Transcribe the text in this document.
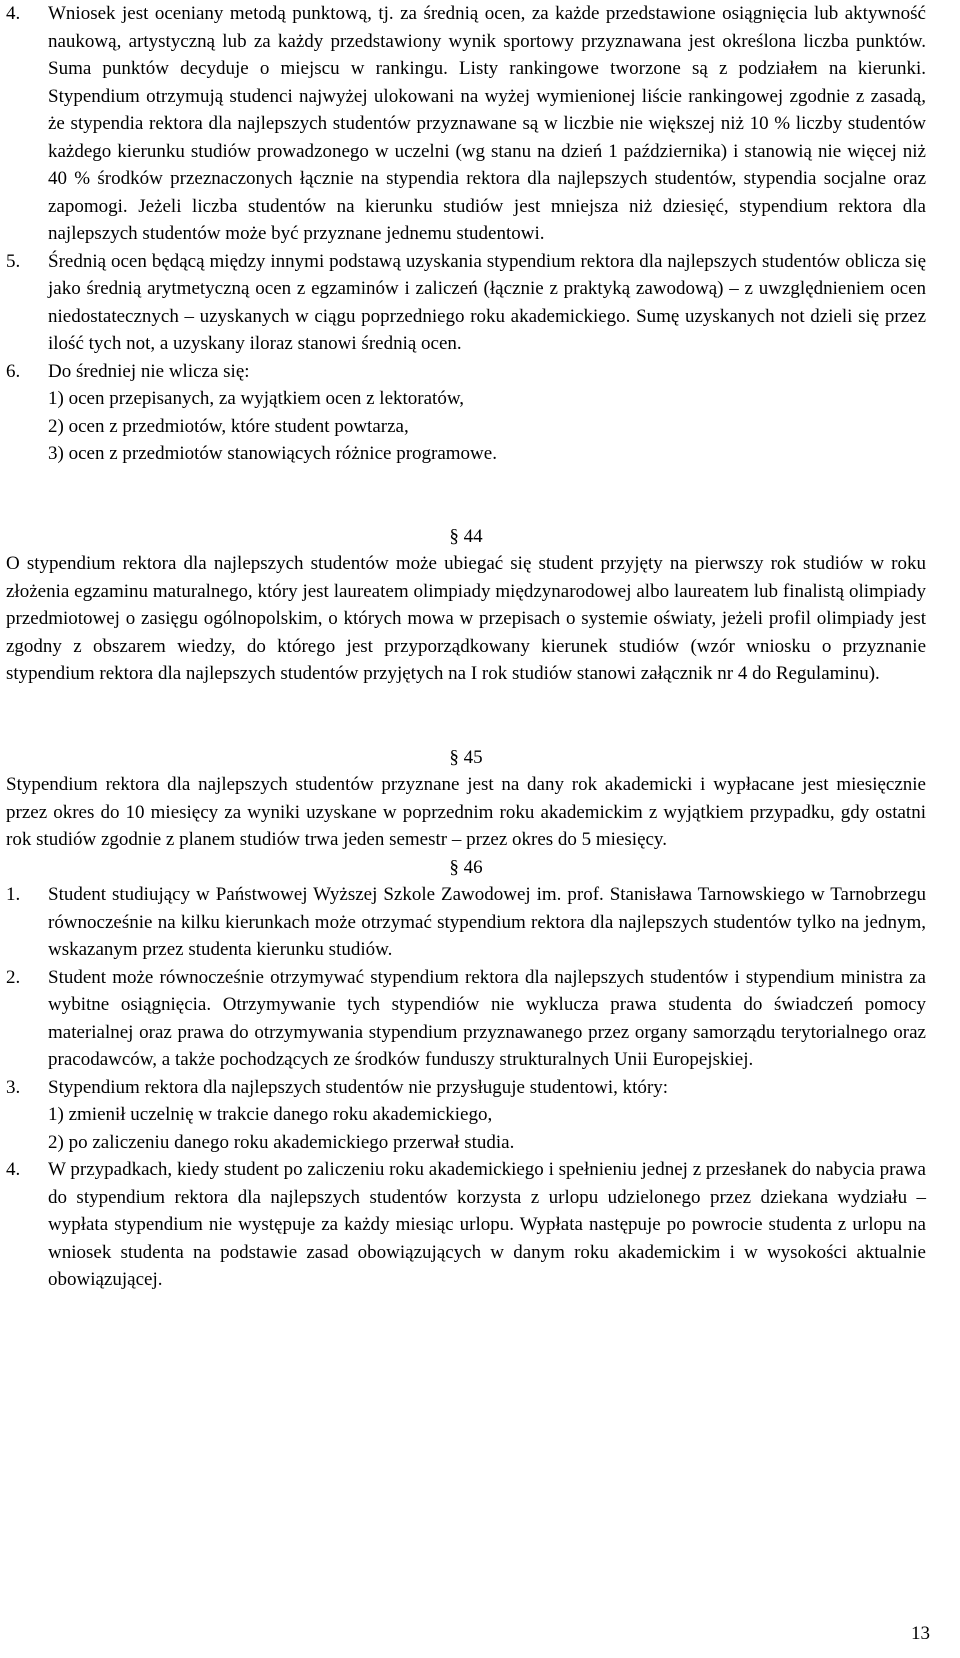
4.	Wniosek jest oceniany metodą punktową, tj. za średnią ocen, za każde przedstawione osiągnięcia lub aktywność naukową, artystyczną lub za każdy przedstawiony wynik sportowy przyznawana jest określona liczba punktów. Suma punktów decyduje o miejscu w rankingu. Listy rankingowe tworzone są z podziałem na kierunki. Stypendium otrzymują studenci najwyżej ulokowani na wyżej wymienionej liście rankingowej zgodnie z zasadą, że stypendia rektora dla najlepszych studentów przyznawane są w liczbie nie większej niż 10 % liczby studentów każdego kierunku studiów prowadzonego w uczelni (wg stanu na dzień 1 października) i stanowią nie więcej niż 40 % środków przeznaczonych łącznie na stypendia rektora dla najlepszych studentów, stypendia socjalne oraz zapomogi. Jeżeli liczba studentów na kierunku studiów jest mniejsza niż dziesięć, stypendium rektora dla najlepszych studentów może być przyznane jednemu studentowi.
5.	Średnią ocen będącą między innymi podstawą uzyskania stypendium rektora dla najlepszych studentów oblicza się jako średnią arytmetyczną ocen z egzaminów i zaliczeń (łącznie z praktyką zawodową) – z uwzględnieniem ocen niedostatecznych – uzyskanych w ciągu poprzedniego roku akademickiego. Sumę uzyskanych not dzieli się przez ilość tych not, a uzyskany iloraz stanowi średnią ocen.
6.	Do średniej nie wlicza się:
1) ocen przepisanych, za wyjątkiem ocen z lektoratów,
2) ocen z przedmiotów, które student powtarza,
3) ocen z przedmiotów stanowiących różnice programowe.
§ 44
O stypendium rektora dla najlepszych studentów może ubiegać się student przyjęty na pierwszy rok studiów w roku złożenia egzaminu maturalnego, który jest laureatem olimpiady międzynarodowej albo laureatem lub finalistą olimpiady przedmiotowej o zasięgu ogólnopolskim, o których mowa w przepisach o systemie oświaty, jeżeli profil olimpiady jest zgodny z obszarem wiedzy, do którego jest przyporządkowany kierunek studiów (wzór wniosku o przyznanie stypendium rektora dla najlepszych studentów przyjętych na I rok studiów stanowi załącznik nr 4 do Regulaminu).
§ 45
Stypendium rektora dla najlepszych studentów przyznane jest na dany rok akademicki i wypłacane jest miesięcznie przez okres do 10 miesięcy za wyniki uzyskane w poprzednim roku akademickim z wyjątkiem przypadku, gdy ostatni rok studiów zgodnie z planem studiów trwa jeden semestr – przez okres do 5 miesięcy.
§ 46
1.	Student studiujący w Państwowej Wyższej Szkole Zawodowej im. prof. Stanisława Tarnowskiego w Tarnobrzegu równocześnie na kilku kierunkach może otrzymać stypendium rektora dla najlepszych studentów tylko na jednym, wskazanym przez studenta kierunku studiów.
2.	Student może równocześnie otrzymywać stypendium rektora dla najlepszych studentów i stypendium ministra za wybitne osiągnięcia. Otrzymywanie tych stypendiów nie wyklucza prawa studenta do świadczeń pomocy materialnej oraz prawa do otrzymywania stypendium przyznawanego przez organy samorządu terytorialnego oraz pracodawców, a także pochodzących ze środków funduszy strukturalnych Unii Europejskiej.
3.	Stypendium rektora dla najlepszych studentów nie przysługuje studentowi, który:
1) zmienił uczelnię w trakcie danego roku akademickiego,
2) po zaliczeniu danego roku akademickiego przerwał studia.
4.	W przypadkach, kiedy student po zaliczeniu roku akademickiego i spełnieniu jednej z przesłanek do nabycia prawa do stypendium rektora dla najlepszych studentów korzysta z urlopu udzielonego przez dziekana wydziału – wypłata stypendium nie występuje za każdy miesiąc urlopu. Wypłata następuje po powrocie studenta z urlopu na wniosek studenta na podstawie zasad obowiązujących w danym roku akademickim i w wysokości aktualnie obowiązującej.
13
